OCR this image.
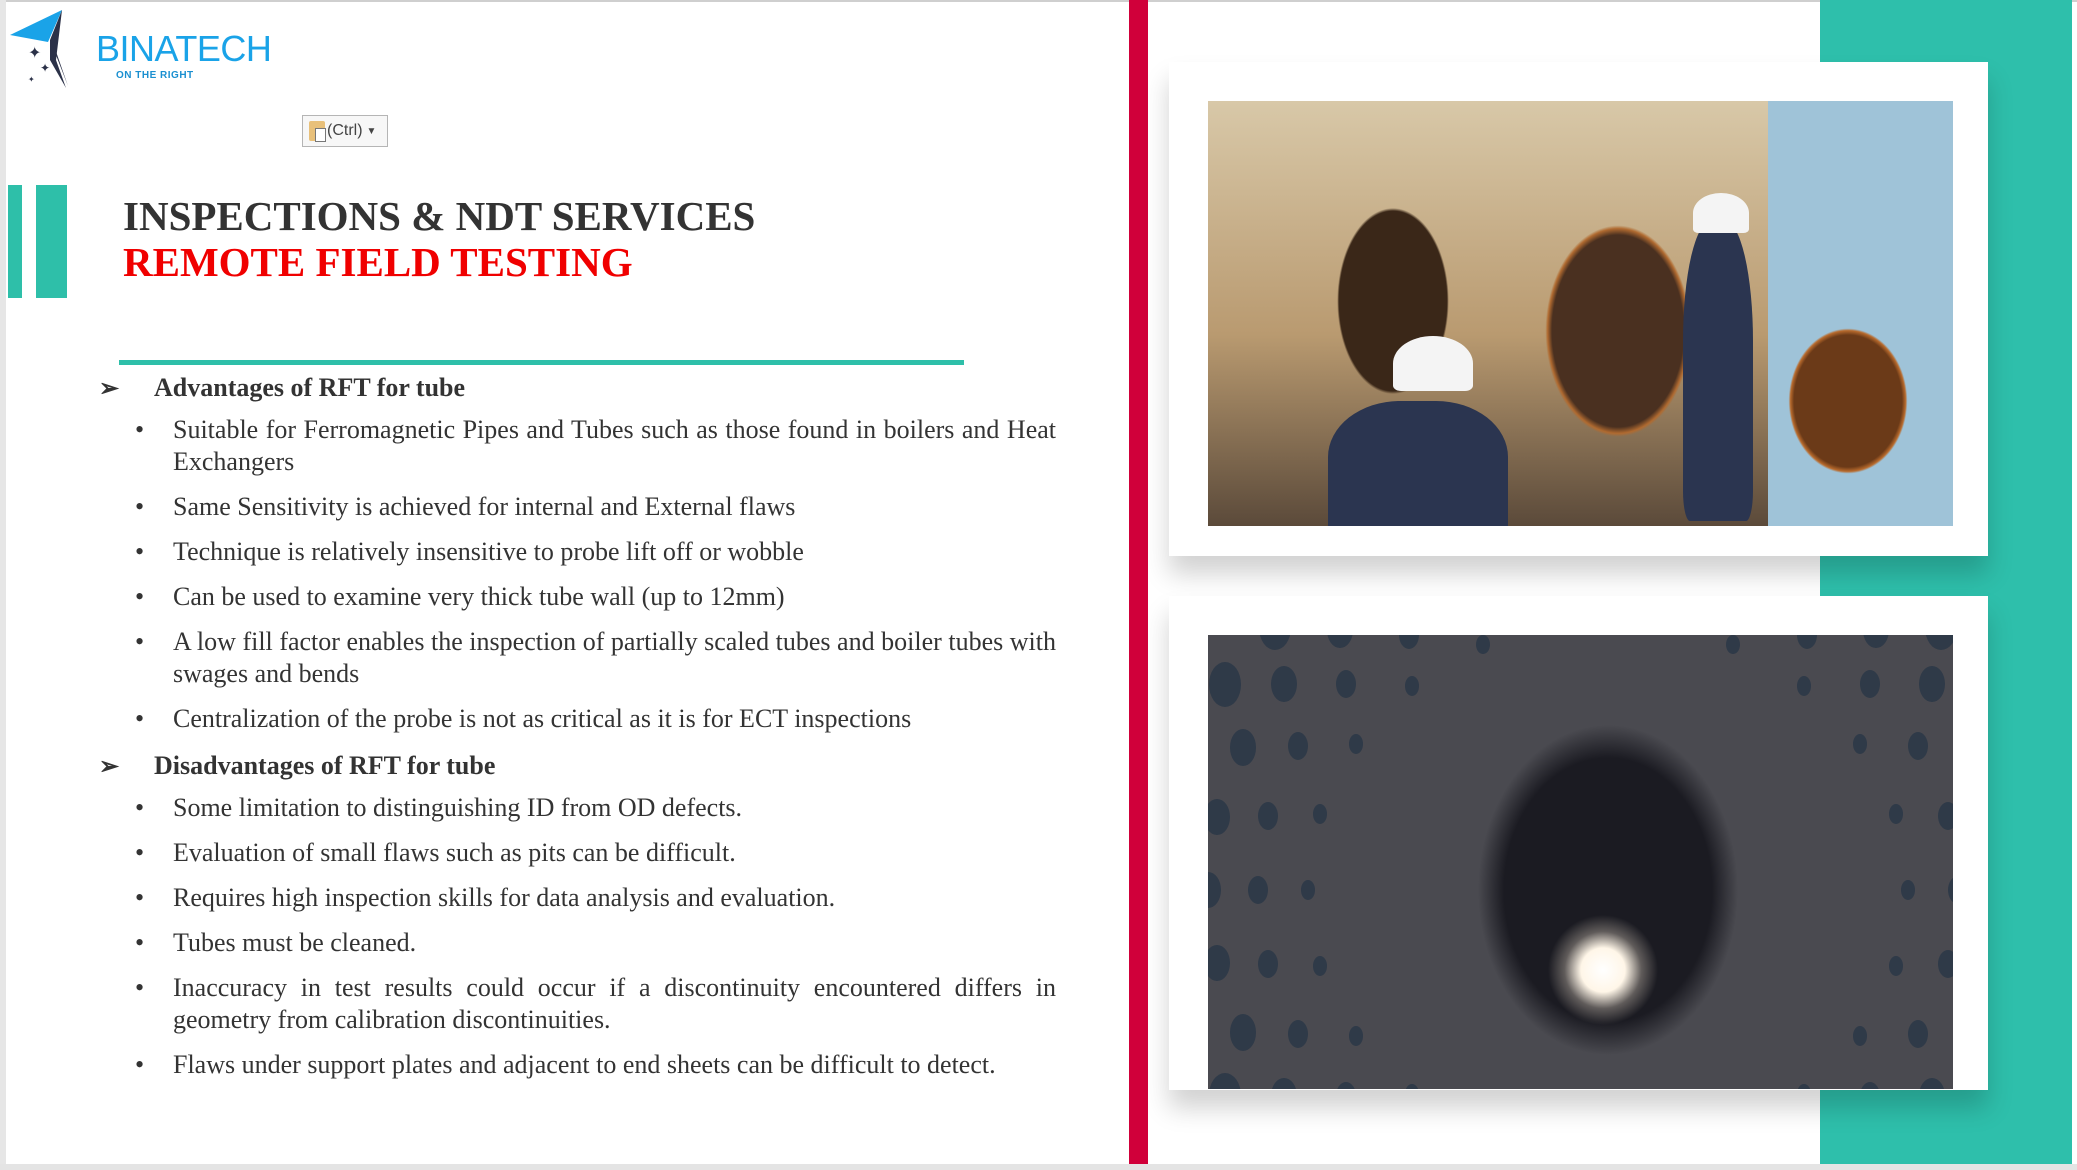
✦
✦
✦
BINATECH
ON THE RIGHT
(Ctrl) ▼
INSPECTIONS & NDT SERVICES
REMOTE FIELD TESTING
➢	Advantages of RFT for tube
• Suitable for Ferromagnetic Pipes and Tubes such as those found in boilers and Heat Exchangers
• Same Sensitivity is achieved for internal and External flaws
• Technique is relatively insensitive to probe lift off or wobble
• Can be used to examine very thick tube wall (up to 12mm)
• A low fill factor enables the inspection of partially scaled tubes and boiler tubes with swages and bends
• Centralization of the probe is not as critical as it is for ECT inspections
➢	Disadvantages of RFT for tube
• Some limitation to distinguishing ID from OD defects.
• Evaluation of small flaws such as pits can be difficult.
• Requires high inspection skills for data analysis and evaluation.
• Tubes must be cleaned.
• Inaccuracy in test results could occur if a discontinuity encountered differs in geometry from calibration discontinuities.
• Flaws under support plates and adjacent to end sheets can be difficult to detect.
